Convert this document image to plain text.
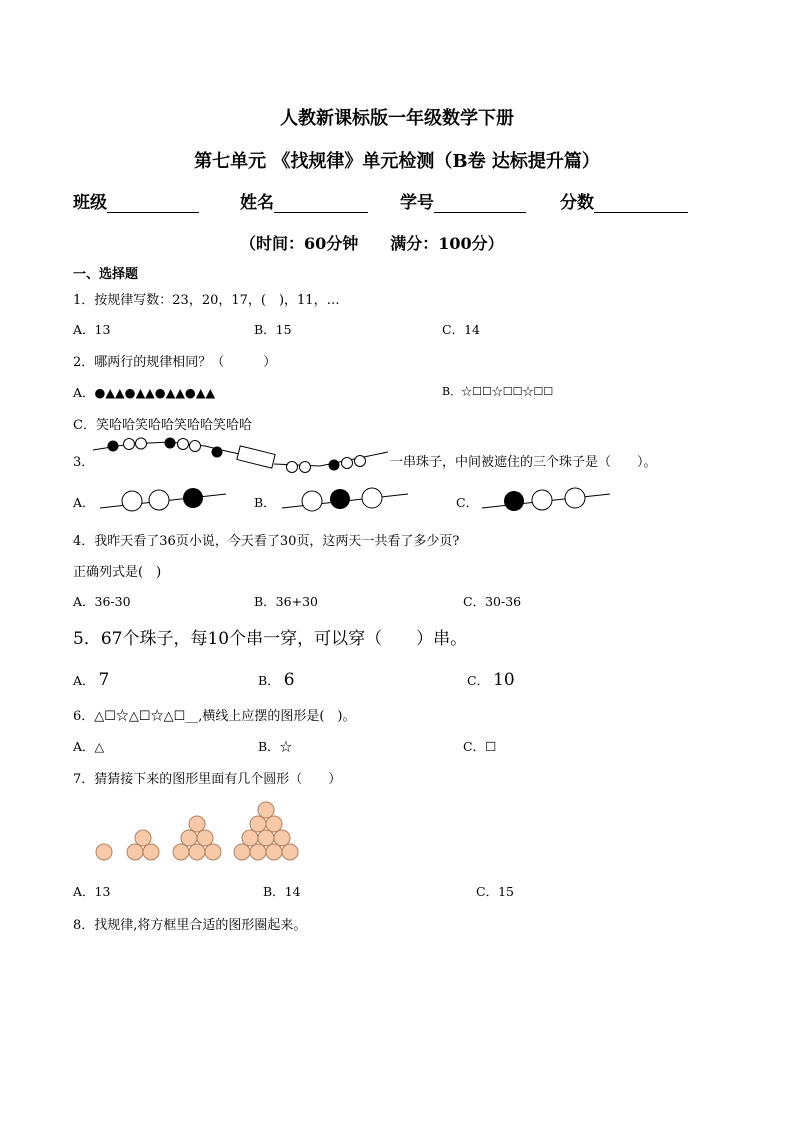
人教新课标版一年级数学下册
第七单元 《找规律》单元检测（B卷 达标提升篇）
班级	姓名	学号	分数
（时间：60分钟　　满分：100分）
一、选择题
1．按规律写数：23，20，17，(　)，11，…
A．13	B．15	C．14
2．哪两行的规律相同？（　　　）
A．●▲▲●▲▲●▲▲●▲▲	B．☆☐☐☆☐☐☆☐☐
C．笑哈哈笑哈哈笑哈哈笑哈哈
3．	一串珠子，中间被遮住的三个珠子是（　　）。
A．	B．	C．
4．我昨天看了36页小说，今天看了30页，这两天一共看了多少页?
正确列式是(　)
A．36-30	B．36+30	C．30-36
5．67个珠子，每10个串一穿，可以穿（　　）串。
A． 7	B． 6	C． 10
6．△☐☆△☐☆△☐__,横线上应摆的图形是(　)。
A．△	B．☆	C．☐
7．猜猜接下来的图形里面有几个圆形（　　）
A．13	B．14	C．15
8．找规律,将方框里合适的图形圈起来。
